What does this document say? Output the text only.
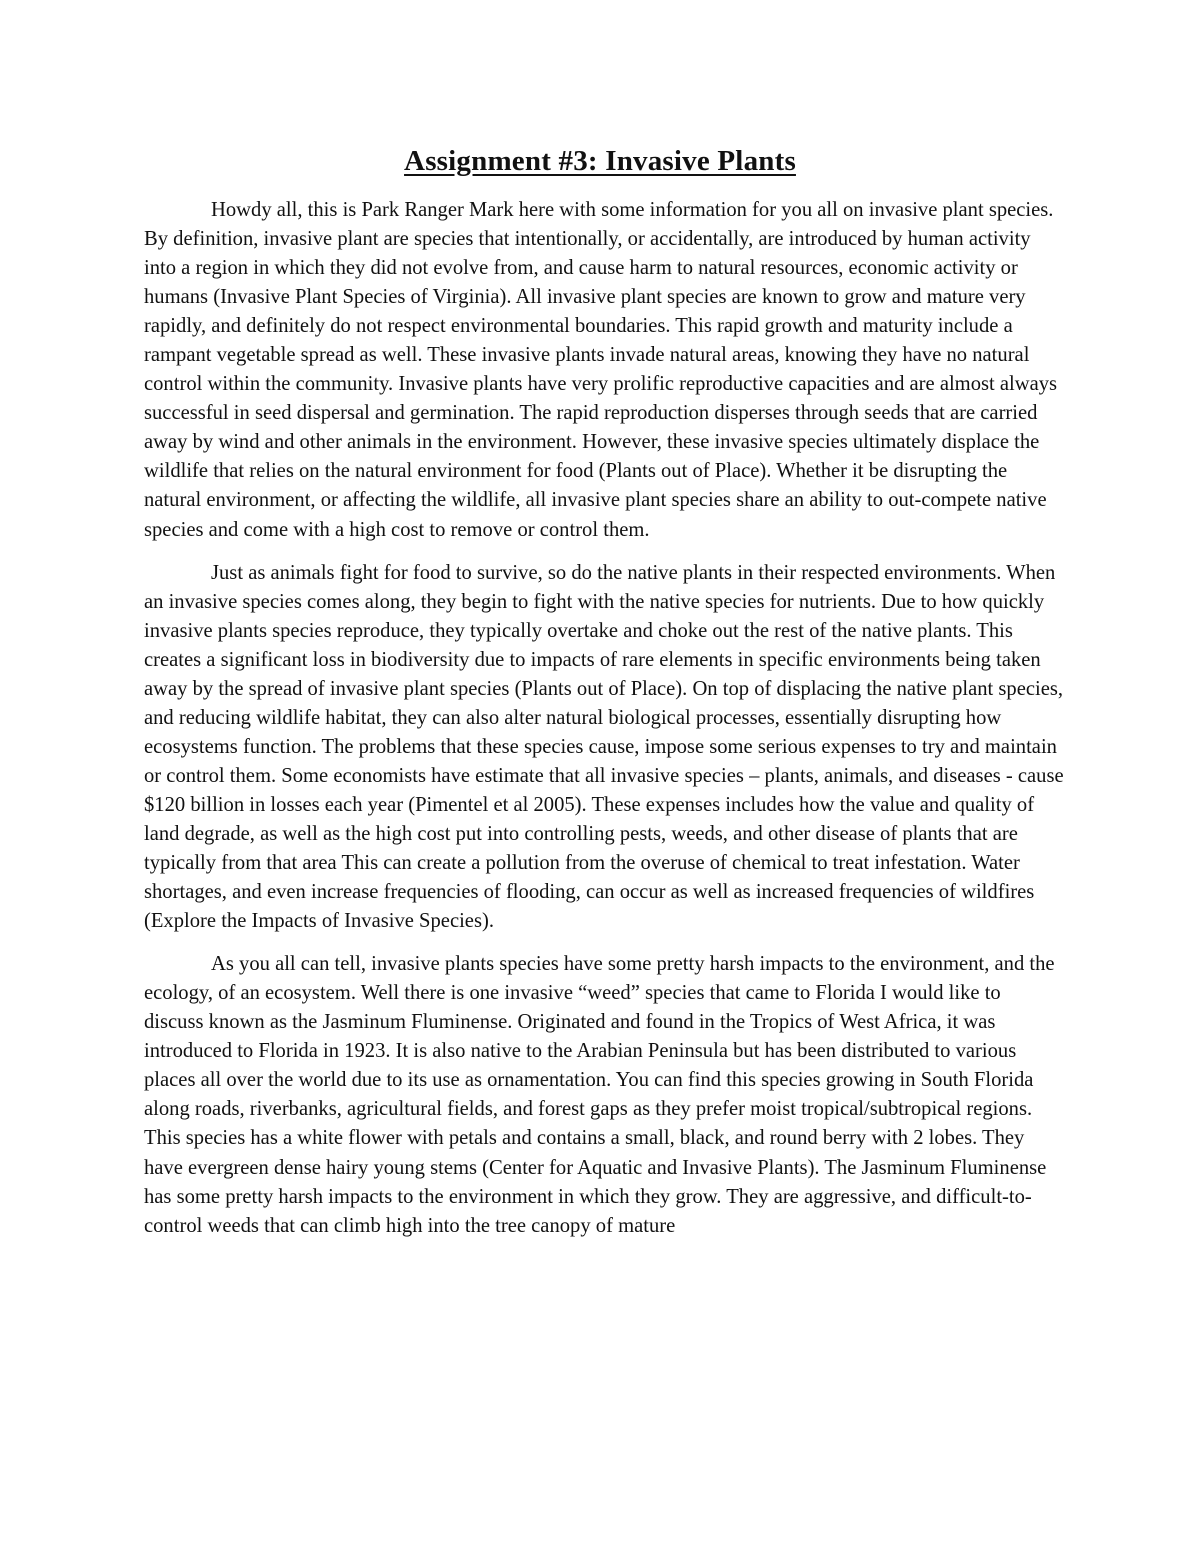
Assignment #3: Invasive Plants

Howdy all, this is Park Ranger Mark here with some information for you all on invasive plant species. By definition, invasive plant are species that intentionally, or accidentally, are introduced by human activity into a region in which they did not evolve from, and cause harm to natural resources, economic activity or humans (Invasive Plant Species of Virginia). All invasive plant species are known to grow and mature very rapidly, and definitely do not respect environmental boundaries. This rapid growth and maturity include a rampant vegetable spread as well. These invasive plants invade natural areas, knowing they have no natural control within the community. Invasive plants have very prolific reproductive capacities and are almost always successful in seed dispersal and germination. The rapid reproduction disperses through seeds that are carried away by wind and other animals in the environment. However, these invasive species ultimately displace the wildlife that relies on the natural environment for food (Plants out of Place). Whether it be disrupting the natural environment, or affecting the wildlife, all invasive plant species share an ability to out-compete native species and come with a high cost to remove or control them.

Just as animals fight for food to survive, so do the native plants in their respected environments. When an invasive species comes along, they begin to fight with the native species for nutrients. Due to how quickly invasive plants species reproduce, they typically overtake and choke out the rest of the native plants. This creates a significant loss in biodiversity due to impacts of rare elements in specific environments being taken away by the spread of invasive plant species (Plants out of Place). On top of displacing the native plant species, and reducing wildlife habitat, they can also alter natural biological processes, essentially disrupting how ecosystems function. The problems that these species cause, impose some serious expenses to try and maintain or control them. Some economists have estimate that all invasive species – plants, animals, and diseases - cause $120 billion in losses each year (Pimentel et al 2005). These expenses includes how the value and quality of land degrade, as well as the high cost put into controlling pests, weeds, and other disease of plants that are typically from that area This can create a pollution from the overuse of chemical to treat infestation. Water shortages, and even increase frequencies of flooding, can occur as well as increased frequencies of wildfires (Explore the Impacts of Invasive Species).

As you all can tell, invasive plants species have some pretty harsh impacts to the environment, and the ecology, of an ecosystem. Well there is one invasive “weed” species that came to Florida I would like to discuss known as the Jasminum Fluminense. Originated and found in the Tropics of West Africa, it was introduced to Florida in 1923. It is also native to the Arabian Peninsula but has been distributed to various places all over the world due to its use as ornamentation. You can find this species growing in South Florida along roads, riverbanks, agricultural fields, and forest gaps as they prefer moist tropical/subtropical regions. This species has a white flower with petals and contains a small, black, and round berry with 2 lobes. They have evergreen dense hairy young stems (Center for Aquatic and Invasive Plants). The Jasminum Fluminense has some pretty harsh impacts to the environment in which they grow. They are aggressive, and difficult-to-control weeds that can climb high into the tree canopy of mature
